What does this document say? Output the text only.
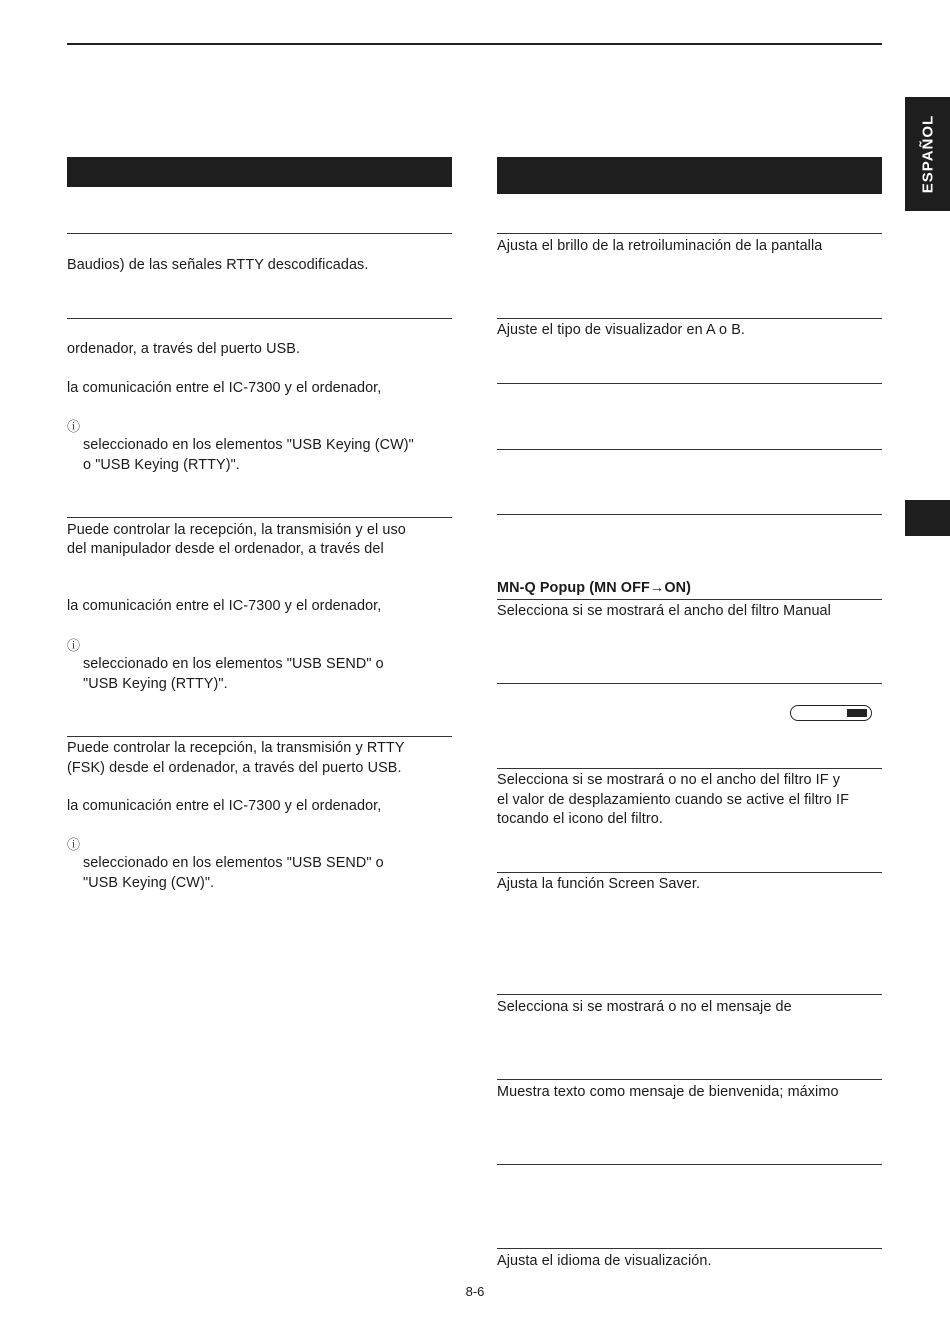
ESPAÑOL
Baudios) de las señales RTTY descodificadas.
ordenador, a través del puerto USB.
la comunicación entre el IC-7300 y el ordenador,
ⓘ
seleccionado en los elementos "USB Keying (CW)"
o "USB Keying (RTTY)".
Puede controlar la recepción, la transmisión y el uso
del manipulador desde el ordenador, a través del
la comunicación entre el IC-7300 y el ordenador,
ⓘ
seleccionado en los elementos "USB SEND" o
"USB Keying (RTTY)".
Puede controlar la recepción, la transmisión y RTTY
(FSK) desde el ordenador, a través del puerto USB.
la comunicación entre el IC-7300 y el ordenador,
ⓘ
seleccionado en los elementos "USB SEND" o
"USB Keying (CW)".
Ajusta el brillo de la retroiluminación de la pantalla
Ajuste el tipo de visualizador en A o B.
MN-Q Popup (MN OFF→ON)
Selecciona si se mostrará el ancho del filtro Manual
Selecciona si se mostrará o no el ancho del filtro IF y
el valor de desplazamiento cuando se active el filtro IF
tocando el icono del filtro.
Ajusta la función Screen Saver.
Selecciona si se mostrará o no el mensaje de
Muestra texto como mensaje de bienvenida; máximo
Ajusta el idioma de visualización.
8-6
